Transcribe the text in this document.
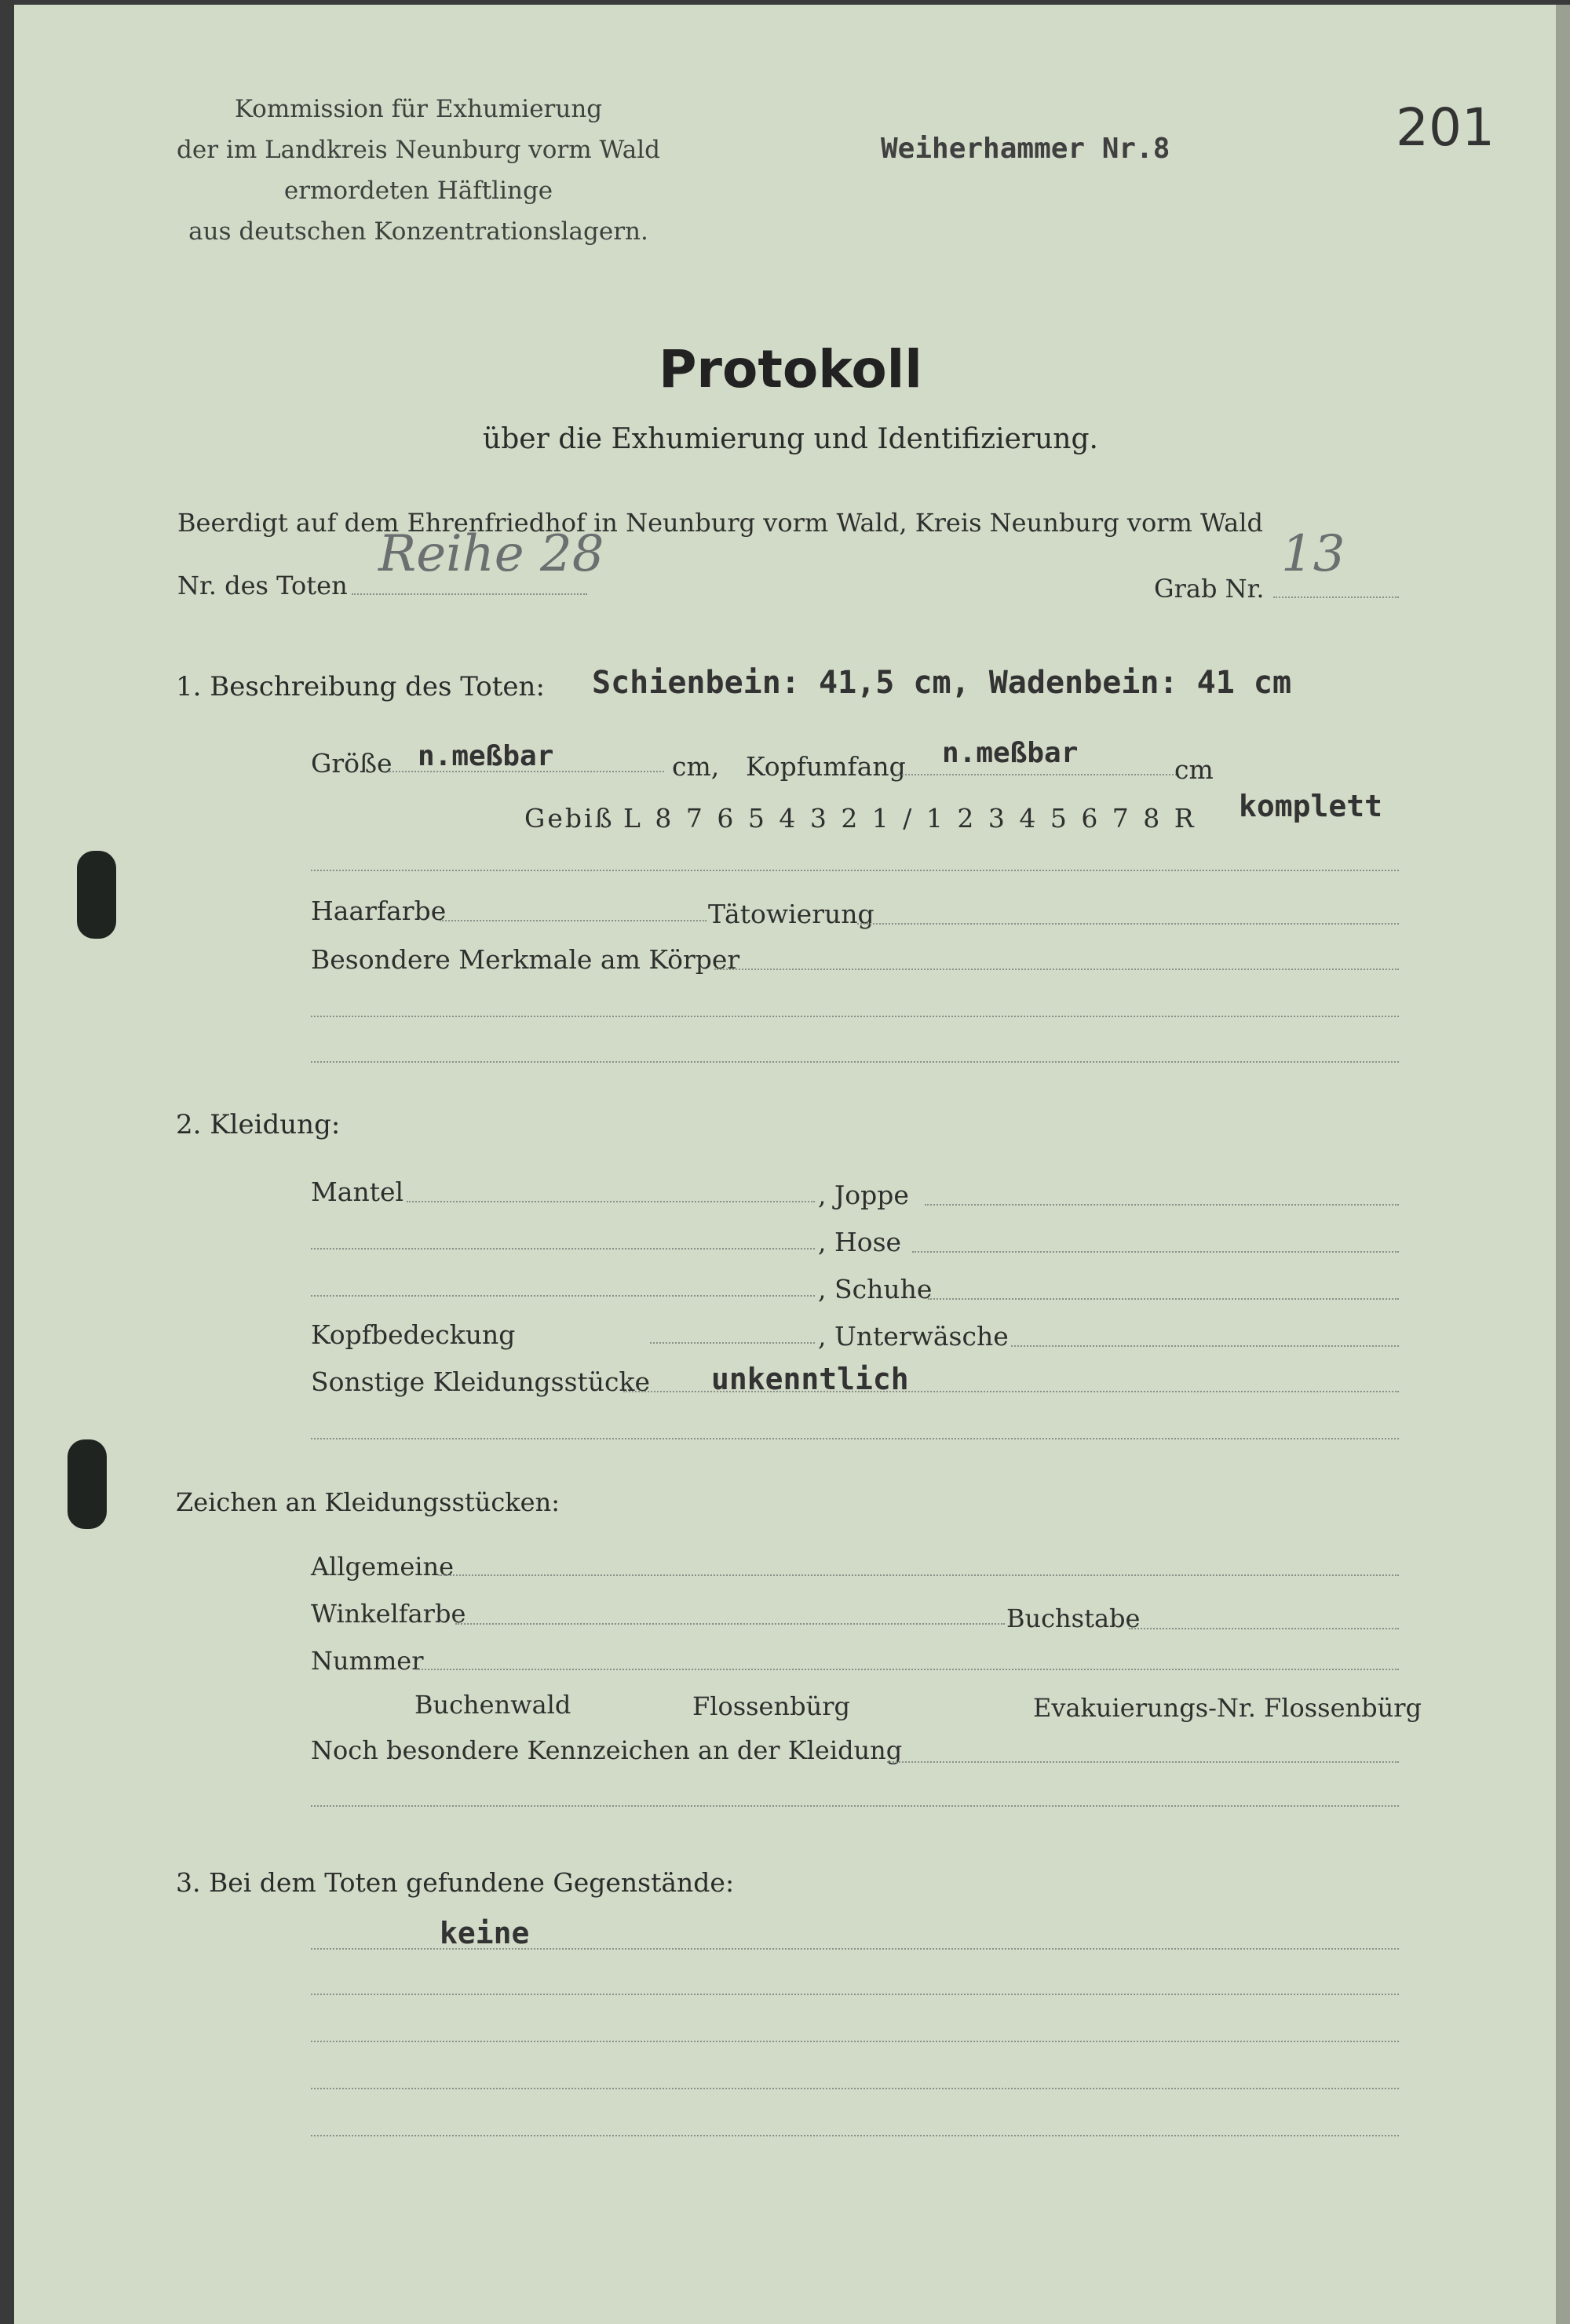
Kommission für Exhumierung
der im Landkreis Neunburg vorm Wald
ermordeten Häftlinge
aus deutschen Konzentrationslagern.
Weiherhammer Nr.8	201
Protokoll
über die Exhumierung und Identifizierung.
Beerdigt auf dem Ehrenfriedhof in Neunburg vorm Wald, Kreis Neunburg vorm Wald
Nr. des Toten
Reihe 28
Grab Nr.
13
1. Beschreibung des Toten: Schienbein: 41,5 cm, Wadenbein: 41 cm
Größe n.meßbar	cm, Kopfumfang n.meßbar
cm
Gebiß L 8 7 6 5 4 3 2 1 / 1 2 3 4 5 6 7 8 R komplett
Haarfarbe	Tätowierung
Besondere Merkmale am Körper
2. Kleidung:
Mantel	, Joppe
, Hose
, Schuhe
Kopfbedeckung	, Unterwäsche
Sonstige Kleidungsstücke unkenntlich
Zeichen an Kleidungsstücken:
Allgemeine
Winkelfarbe	Buchstabe
Nummer
Buchenwald	Flossenbürg	Evakuierungs-Nr. Flossenbürg
Noch besondere Kennzeichen an der Kleidung
3. Bei dem Toten gefundene Gegenstände:
keine
